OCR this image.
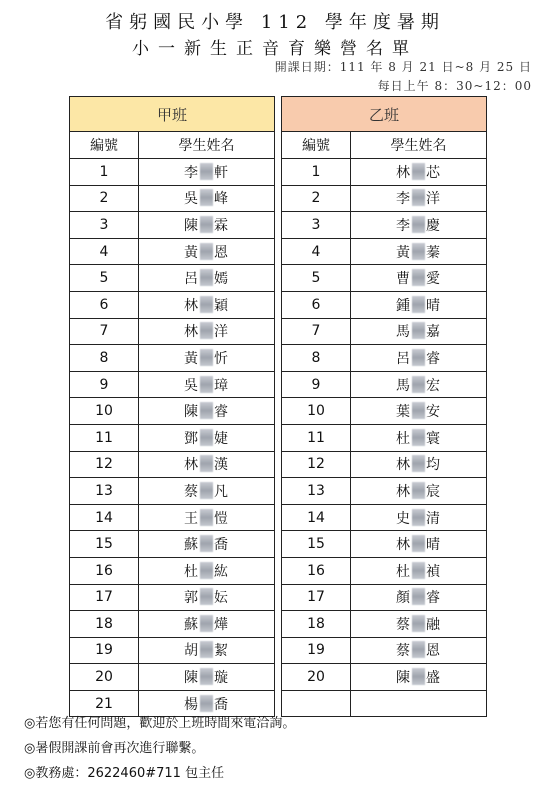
省躬國民小學 112 學年度暑期
小一新生正音育樂營名單
開課日期：111 年 8 月 21 日~8 月 25 日
每日上午 8：30~12：00
甲班	
編號	學生姓名
1	李 軒
2	吳 峰
3	陳 霖
4	黃 恩
5	呂 嫣
6	林 穎
7	林 洋
8	黃 忻
9	吳 璋
10	陳 睿
11	鄧 婕
12	林 漢
13	蔡 凡
14	王 愷
15	蘇 喬
16	杜 紘
17	郭 妘
18	蘇 燁
19	胡 絜
20	陳 璇
21	楊 喬
乙班	
編號	學生姓名
1	林 芯
2	李 洋
3	李 慶
4	黃 蓁
5	曹 愛
6	鍾 晴
7	馬 嘉
8	呂 睿
9	馬 宏
10	葉 安
11	杜 寰
12	林 均
13	林 宸
14	史 清
15	林 晴
16	杜 禎
17	顏 睿
18	蔡 融
19	蔡 恩
20	陳 盛

◎若您有任何問題，歡迎於上班時間來電洽詢。
◎暑假開課前會再次進行聯繫。
◎教務處：2622460#711 包主任
